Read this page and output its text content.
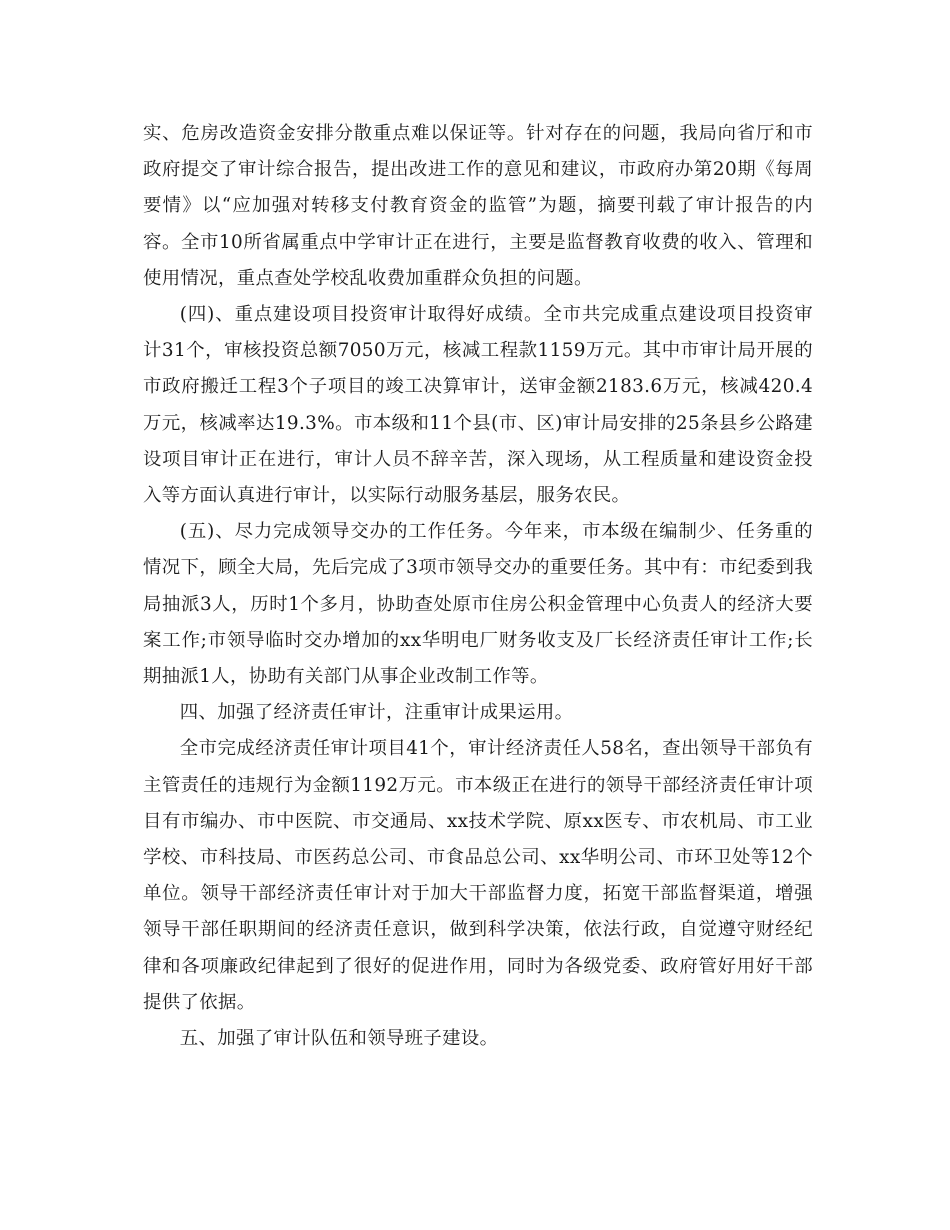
实、危房改造资金安排分散重点难以保证等。针对存在的问题，我局向省厅和市政府提交了审计综合报告，提出改进工作的意见和建议，市政府办第20期《每周要情》以“应加强对转移支付教育资金的监管”为题，摘要刊载了审计报告的内容。全市10所省属重点中学审计正在进行，主要是监督教育收费的收入、管理和使用情况，重点查处学校乱收费加重群众负担的问题。

(四)、重点建设项目投资审计取得好成绩。全市共完成重点建设项目投资审计31个，审核投资总额7050万元，核减工程款1159万元。其中市审计局开展的市政府搬迁工程3个子项目的竣工决算审计，送审金额2183.6万元，核减420.4万元，核减率达19.3%。市本级和11个县(市、区)审计局安排的25条县乡公路建设项目审计正在进行，审计人员不辞辛苦，深入现场，从工程质量和建设资金投入等方面认真进行审计，以实际行动服务基层，服务农民。

(五)、尽力完成领导交办的工作任务。今年来，市本级在编制少、任务重的情况下，顾全大局，先后完成了3项市领导交办的重要任务。其中有：市纪委到我局抽派3人，历时1个多月，协助查处原市住房公积金管理中心负责人的经济大要案工作;市领导临时交办增加的xx华明电厂财务收支及厂长经济责任审计工作;长期抽派1人，协助有关部门从事企业改制工作等。

四、加强了经济责任审计，注重审计成果运用。

全市完成经济责任审计项目41个，审计经济责任人58名，查出领导干部负有主管责任的违规行为金额1192万元。市本级正在进行的领导干部经济责任审计项目有市编办、市中医院、市交通局、xx技术学院、原xx医专、市农机局、市工业学校、市科技局、市医药总公司、市食品总公司、xx华明公司、市环卫处等12个单位。领导干部经济责任审计对于加大干部监督力度，拓宽干部监督渠道，增强领导干部任职期间的经济责任意识，做到科学决策，依法行政，自觉遵守财经纪律和各项廉政纪律起到了很好的促进作用，同时为各级党委、政府管好用好干部提供了依据。

五、加强了审计队伍和领导班子建设。
